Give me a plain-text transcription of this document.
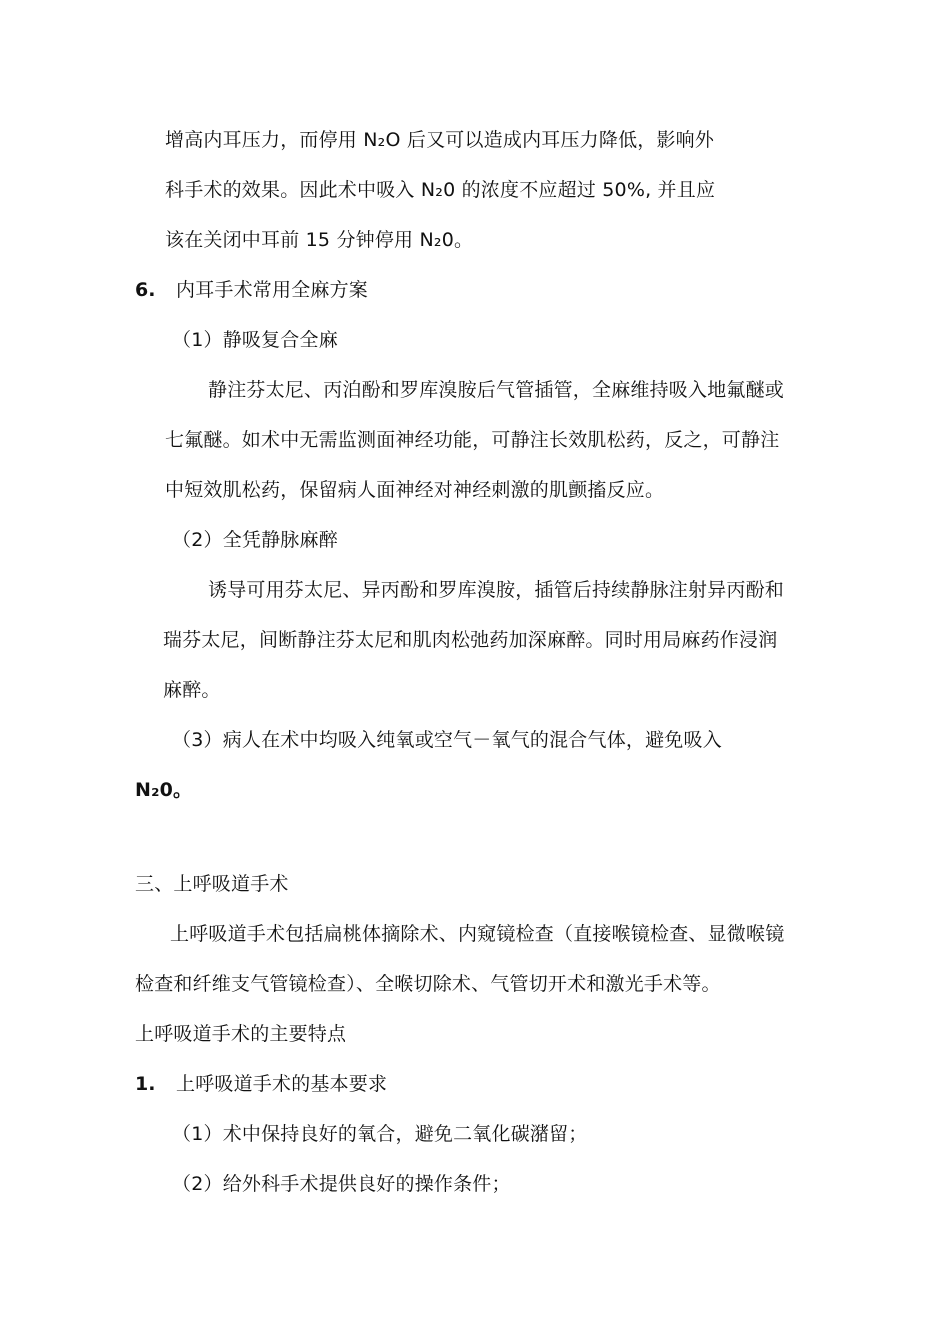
增高内耳压力，而停用 N₂O 后又可以造成内耳压力降低，影响外
科手术的效果。因此术中吸入 N₂0 的浓度不应超过 50%, 并且应
该在关闭中耳前 15 分钟停用 N₂0。
6. 内耳手术常用全麻方案
（1）静吸复合全麻
静注芬太尼、丙泊酚和罗库溴胺后气管插管，全麻维持吸入地氟醚或
七氟醚。如术中无需监测面神经功能，可静注长效肌松药，反之，可静注
中短效肌松药，保留病人面神经对神经刺激的肌颤搐反应。
（2）全凭静脉麻醉
诱导可用芬太尼、异丙酚和罗库溴胺，插管后持续静脉注射异丙酚和
瑞芬太尼，间断静注芬太尼和肌肉松弛药加深麻醉。同时用局麻药作浸润
麻醉。
（3）病人在术中均吸入纯氧或空气－氧气的混合气体，避免吸入
N₂0。
三、上呼吸道手术
上呼吸道手术包括扁桃体摘除术、内窥镜检查（直接喉镜检查、显微喉镜
检查和纤维支气管镜检查）、全喉切除术、气管切开术和激光手术等。
上呼吸道手术的主要特点
1. 上呼吸道手术的基本要求
（1）术中保持良好的氧合，避免二氧化碳潴留；
（2）给外科手术提供良好的操作条件；
